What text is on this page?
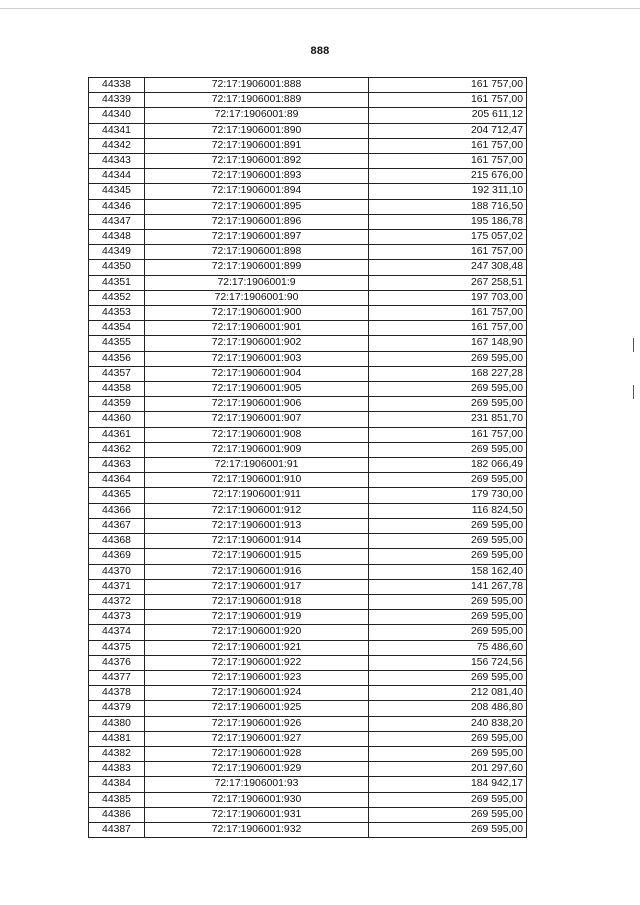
888
44338	72:17:1906001:888	161 757,00
44339	72:17:1906001:889	161 757,00
44340	72:17:1906001:89	205 611,12
44341	72:17:1906001:890	204 712,47
44342	72:17:1906001:891	161 757,00
44343	72:17:1906001:892	161 757,00
44344	72:17:1906001:893	215 676,00
44345	72:17:1906001:894	192 311,10
44346	72:17:1906001:895	188 716,50
44347	72:17:1906001:896	195 186,78
44348	72:17:1906001:897	175 057,02
44349	72:17:1906001:898	161 757,00
44350	72:17:1906001:899	247 308,48
44351	72:17:1906001:9	267 258,51
44352	72:17:1906001:90	197 703,00
44353	72:17:1906001:900	161 757,00
44354	72:17:1906001:901	161 757,00
44355	72:17:1906001:902	167 148,90
44356	72:17:1906001:903	269 595,00
44357	72:17:1906001:904	168 227,28
44358	72:17:1906001:905	269 595,00
44359	72:17:1906001:906	269 595,00
44360	72:17:1906001:907	231 851,70
44361	72:17:1906001:908	161 757,00
44362	72:17:1906001:909	269 595,00
44363	72:17:1906001:91	182 066,49
44364	72:17:1906001:910	269 595,00
44365	72:17:1906001:911	179 730,00
44366	72:17:1906001:912	116 824,50
44367	72:17:1906001:913	269 595,00
44368	72:17:1906001:914	269 595,00
44369	72:17:1906001:915	269 595,00
44370	72:17:1906001:916	158 162,40
44371	72:17:1906001:917	141 267,78
44372	72:17:1906001:918	269 595,00
44373	72:17:1906001:919	269 595,00
44374	72:17:1906001:920	269 595,00
44375	72:17:1906001:921	75 486,60
44376	72:17:1906001:922	156 724,56
44377	72:17:1906001:923	269 595,00
44378	72:17:1906001:924	212 081,40
44379	72:17:1906001:925	208 486,80
44380	72:17:1906001:926	240 838,20
44381	72:17:1906001:927	269 595,00
44382	72:17:1906001:928	269 595,00
44383	72:17:1906001:929	201 297,60
44384	72:17:1906001:93	184 942,17
44385	72:17:1906001:930	269 595,00
44386	72:17:1906001:931	269 595,00
44387	72:17:1906001:932	269 595,00
